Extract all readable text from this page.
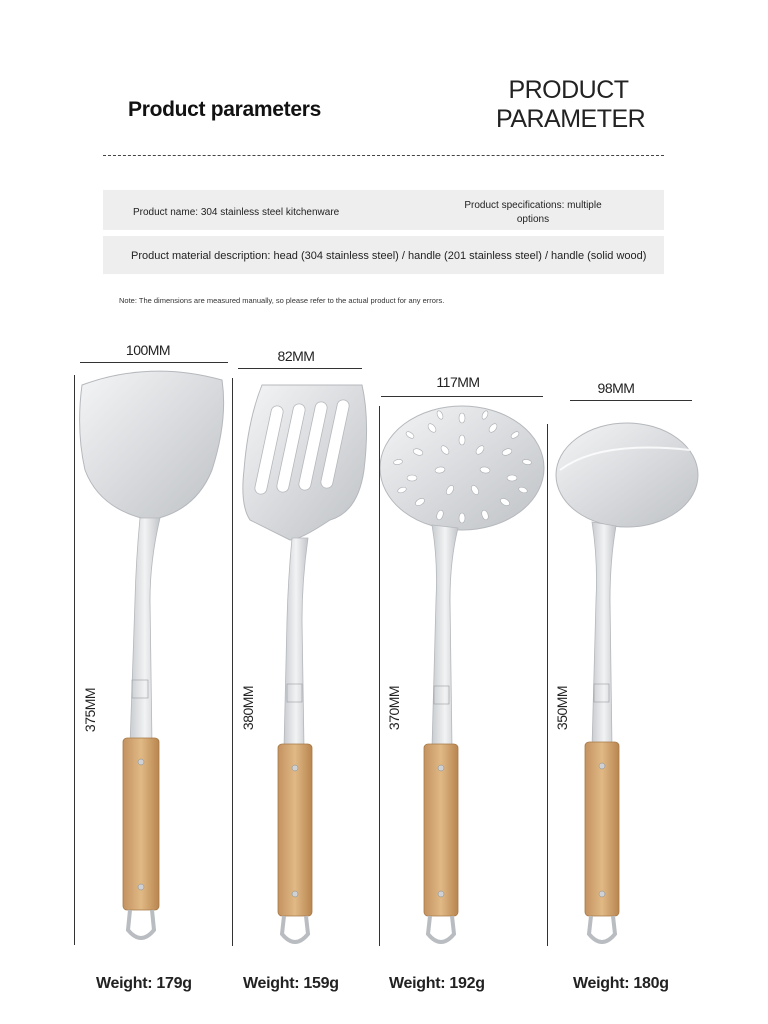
Product parameters
PRODUCT
PARAMETER
Product name: 304 stainless steel kitchenware
Product specifications: multiple options
Product material description: head (304 stainless steel) / handle (201 stainless steel) / handle (solid wood)
Note: The dimensions are measured manually, so please refer to the actual product for any errors.
100MM
375MM
Weight: 179g
82MM
380MM
Weight: 159g
117MM
370MM
Weight: 192g
98MM
350MM
Weight: 180g
